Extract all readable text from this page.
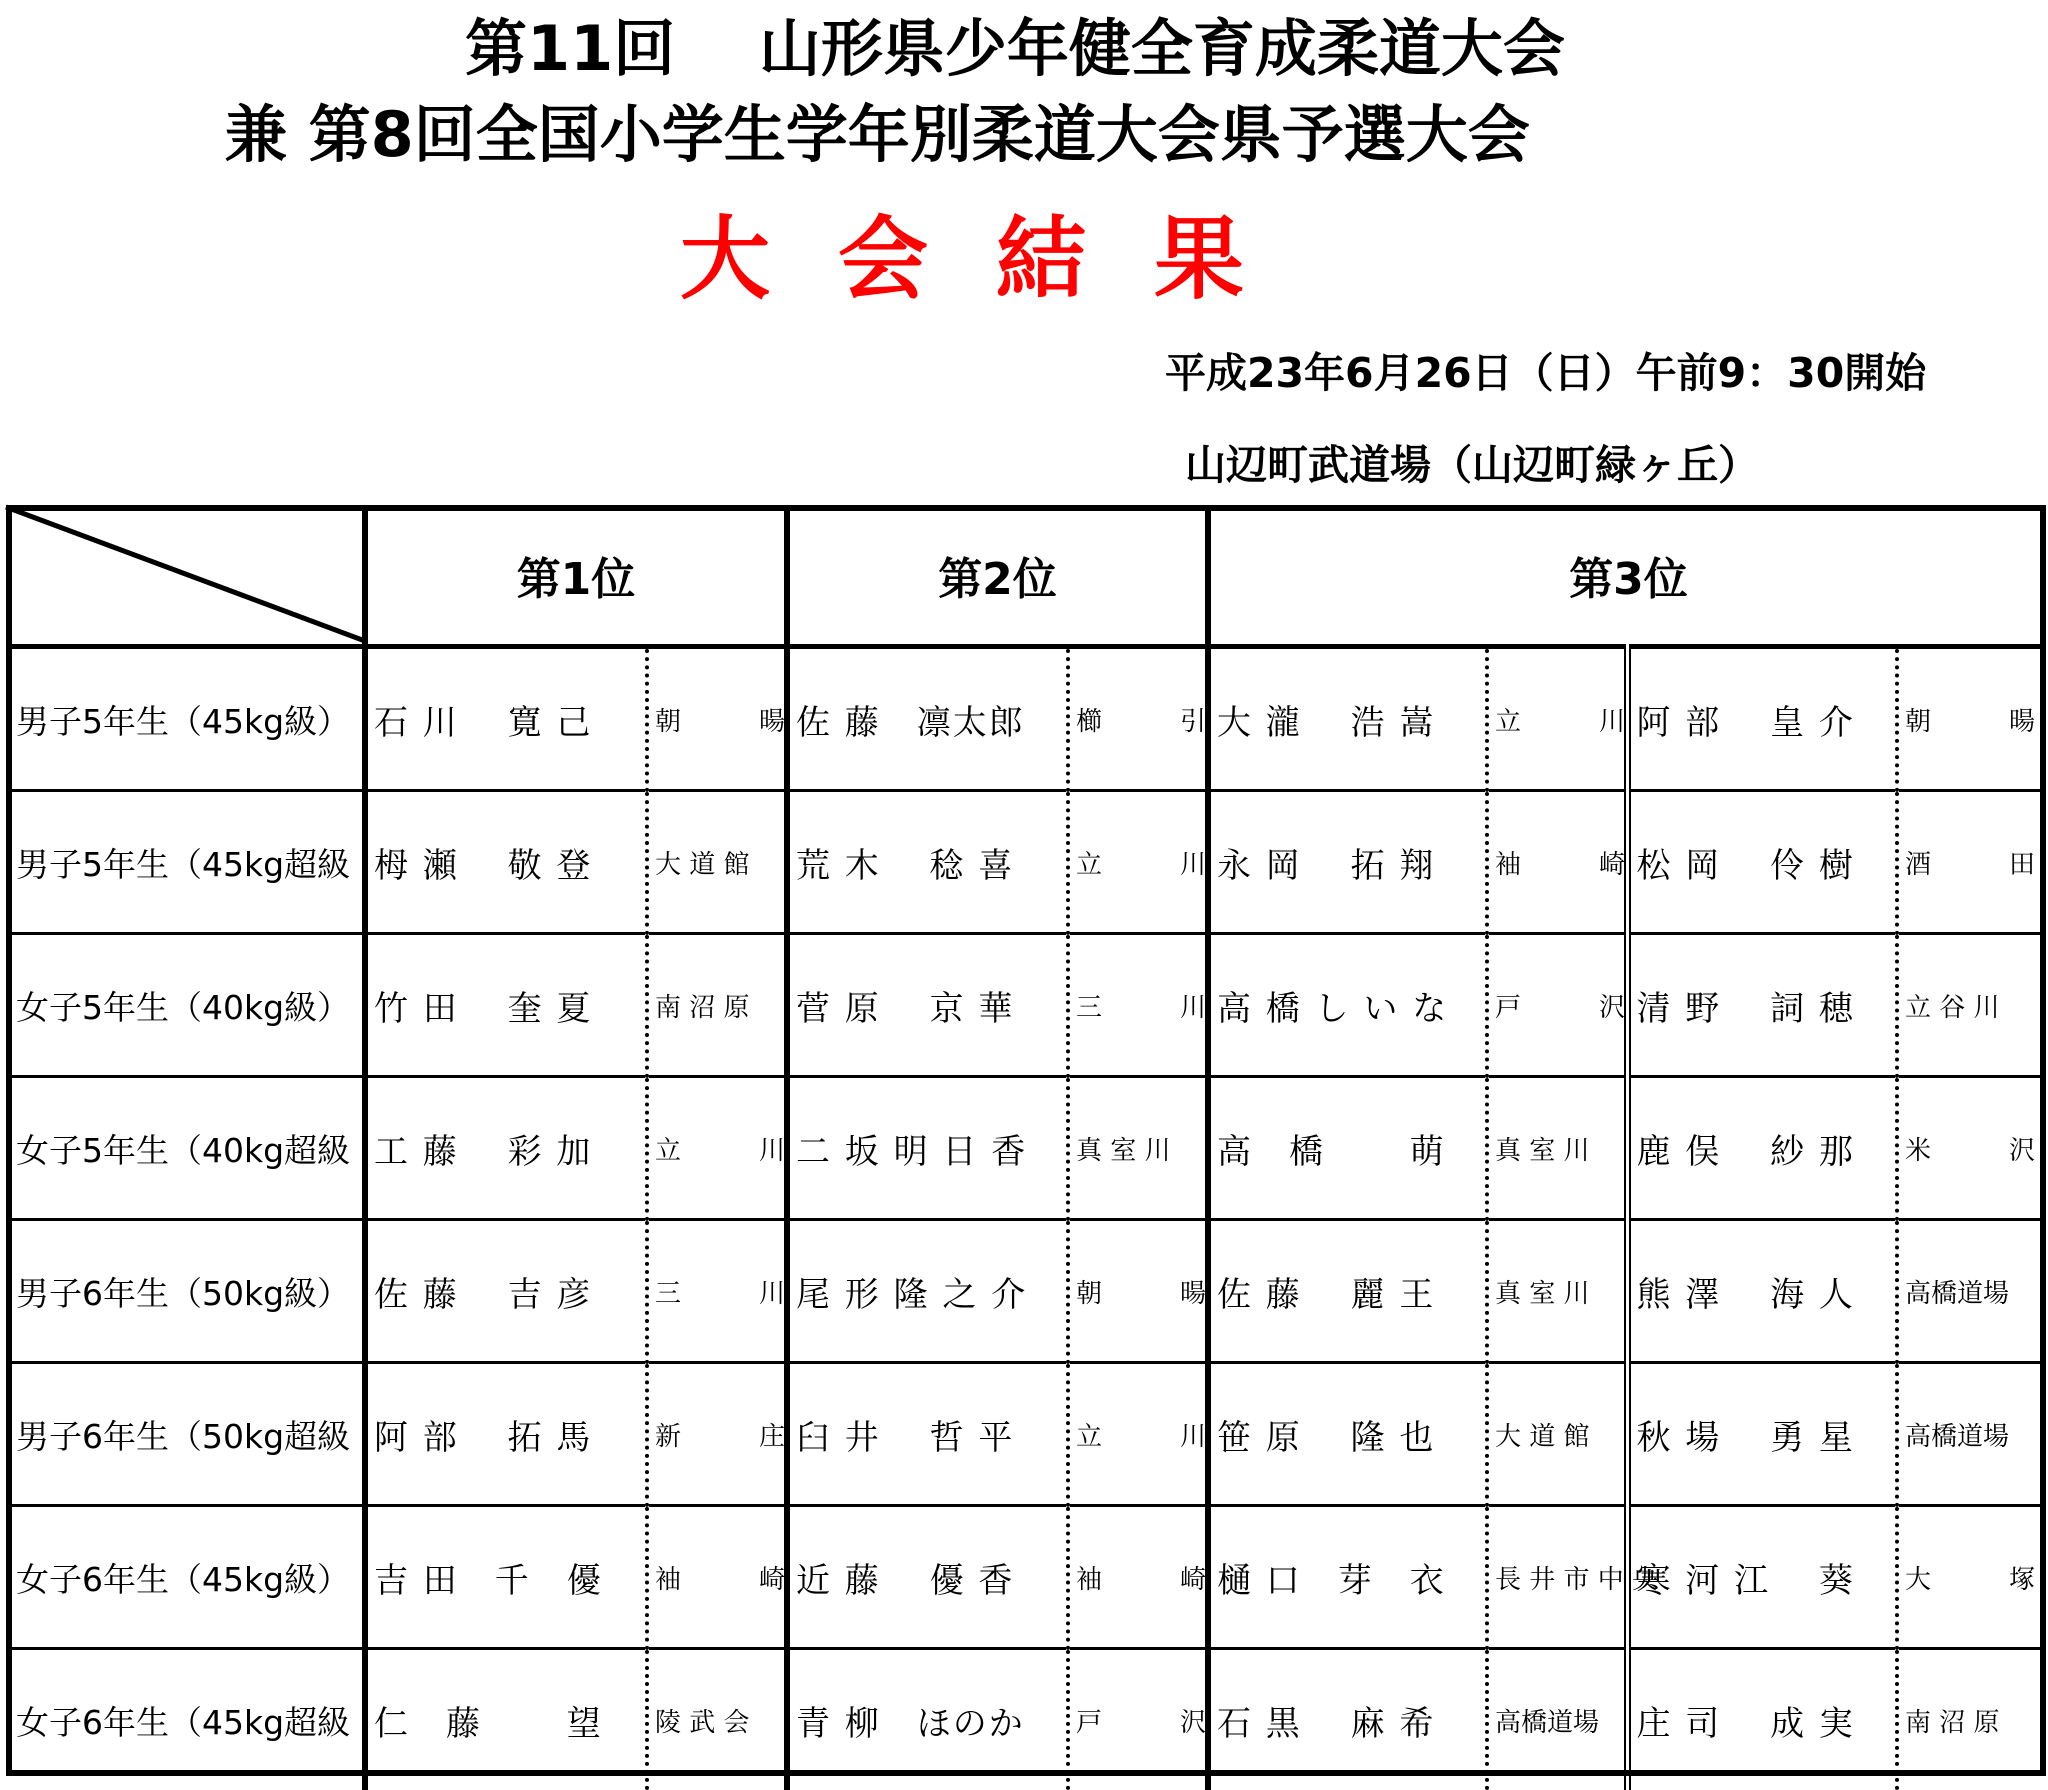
第11回　 山形県少年健全育成柔道大会
兼 第8回全国小学生学年別柔道大会県予選大会
大会結果
平成23年6月26日（日）午前9：30開始
山辺町武道場（山辺町緑ヶ丘）
	第1位		第2位		第3位			
男子5年生（45kg級）	石 川　 寛 己	朝　　　暘	佐 藤　凛太郎	櫛　　　引	大 瀧　 浩 嵩	立　　　川	阿 部　 皇 介	朝　　　暘
男子5年生（45kg超級	栂 瀬　 敬 登	大 道 館	荒 木　 稔 喜	立　　　川	永 岡　 拓 翔	袖　　　崎	松 岡　 伶 樹	酒　　　田
女子5年生（40kg級）	竹 田　 奎 夏	南 沼 原	菅 原　 京 華	三　　　川	高 橋 し い な	戸　　　沢	清 野　 詞 穂	立 谷 川
女子5年生（40kg超級	工 藤　 彩 加	立　　　川	二 坂 明 日 香	真 室 川	高　橋　　 萌	真 室 川	鹿 俣　 紗 那	米　　　沢
男子6年生（50kg級）	佐 藤　 吉 彦	三　　　川	尾 形 隆 之 介	朝　　　暘	佐 藤　 麗 王	真 室 川	熊 澤　 海 人	高橋道場
男子6年生（50kg超級	阿 部　 拓 馬	新　　　庄	臼 井　 哲 平	立　　　川	笹 原　 隆 也	大 道 館	秋 場　 勇 星	高橋道場
女子6年生（45kg級）	吉 田　千　優	袖　　　崎	近 藤　 優 香	袖　　　崎	樋 口　芽　衣	長 井 市 中 央	寒 河 江　 葵	大　　　塚
女子6年生（45kg超級	仁　藤　　 望	陵 武 会	青 柳　ほのか	戸　　　沢	石 黒　 麻 希	高橋道場	庄 司　 成 実	南 沼 原
